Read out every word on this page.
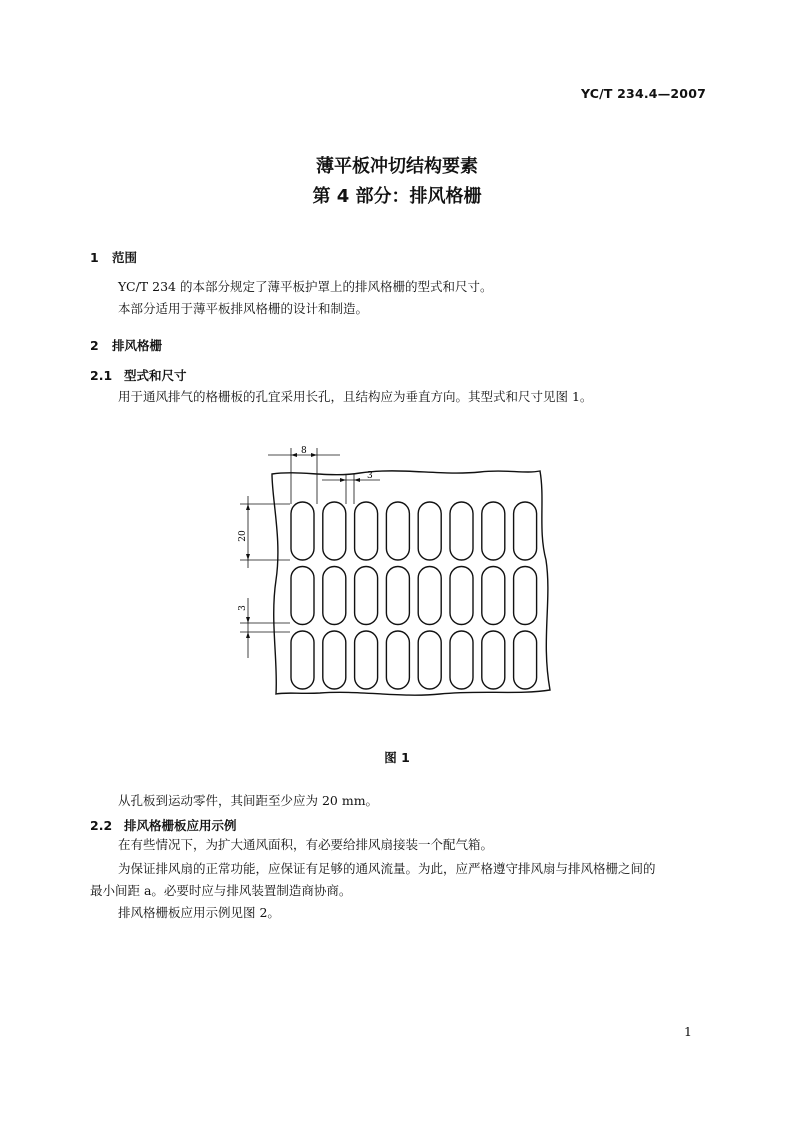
YC/T 234.4—2007
薄平板冲切结构要素
第 4 部分：排风格栅
1 范围
YC/T 234 的本部分规定了薄平板护罩上的排风格栅的型式和尺寸。
本部分适用于薄平板排风格栅的设计和制造。
2 排风格栅
2.1 型式和尺寸
用于通风排气的格栅板的孔宜采用长孔，且结构应为垂直方向。其型式和尺寸见图 1。
8
3
20
3
图 1
从孔板到运动零件，其间距至少应为 20 mm。
2.2 排风格栅板应用示例
在有些情况下，为扩大通风面积，有必要给排风扇接装一个配气箱。
为保证排风扇的正常功能，应保证有足够的通风流量。为此，应严格遵守排风扇与排风格栅之间的
最小间距 a。必要时应与排风装置制造商协商。
排风格栅板应用示例见图 2。
1
